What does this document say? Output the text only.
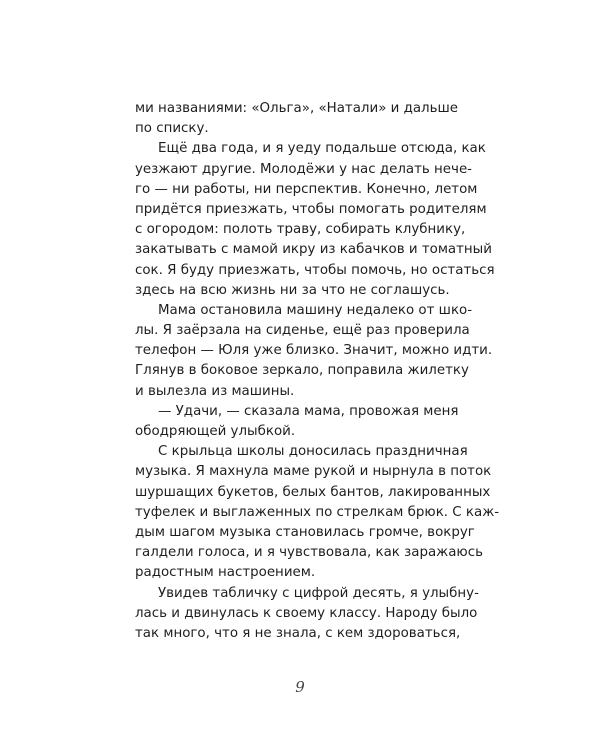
ми названиями: «Ольга», «Натали» и дальше
по списку.
Ещё два года, и я уеду подальше отсюда, как
уезжают другие. Молодёжи у нас делать нече-
го — ни работы, ни перспектив. Конечно, летом
придётся приезжать, чтобы помогать родителям
с огородом: полоть траву, собирать клубнику,
закатывать с мамой икру из кабачков и томатный
сок. Я буду приезжать, чтобы помочь, но остаться
здесь на всю жизнь ни за что не соглашусь.
Мама остановила машину недалеко от шко-
лы. Я заёрзала на сиденье, ещё раз проверила
телефон — Юля уже близко. Значит, можно идти.
Глянув в боковое зеркало, поправила жилетку
и вылезла из машины.
— Удачи, — сказала мама, провожая меня
ободряющей улыбкой.
С крыльца школы доносилась праздничная
музыка. Я махнула маме рукой и нырнула в поток
шуршащих букетов, белых бантов, лакированных
туфелек и выглаженных по стрелкам брюк. С каж-
дым шагом музыка становилась громче, вокруг
галдели голоса, и я чувствовала, как заражаюсь
радостным настроением.
Увидев табличку с цифрой десять, я улыбну-
лась и двинулась к своему классу. Народу было
так много, что я не знала, с кем здороваться,
9
